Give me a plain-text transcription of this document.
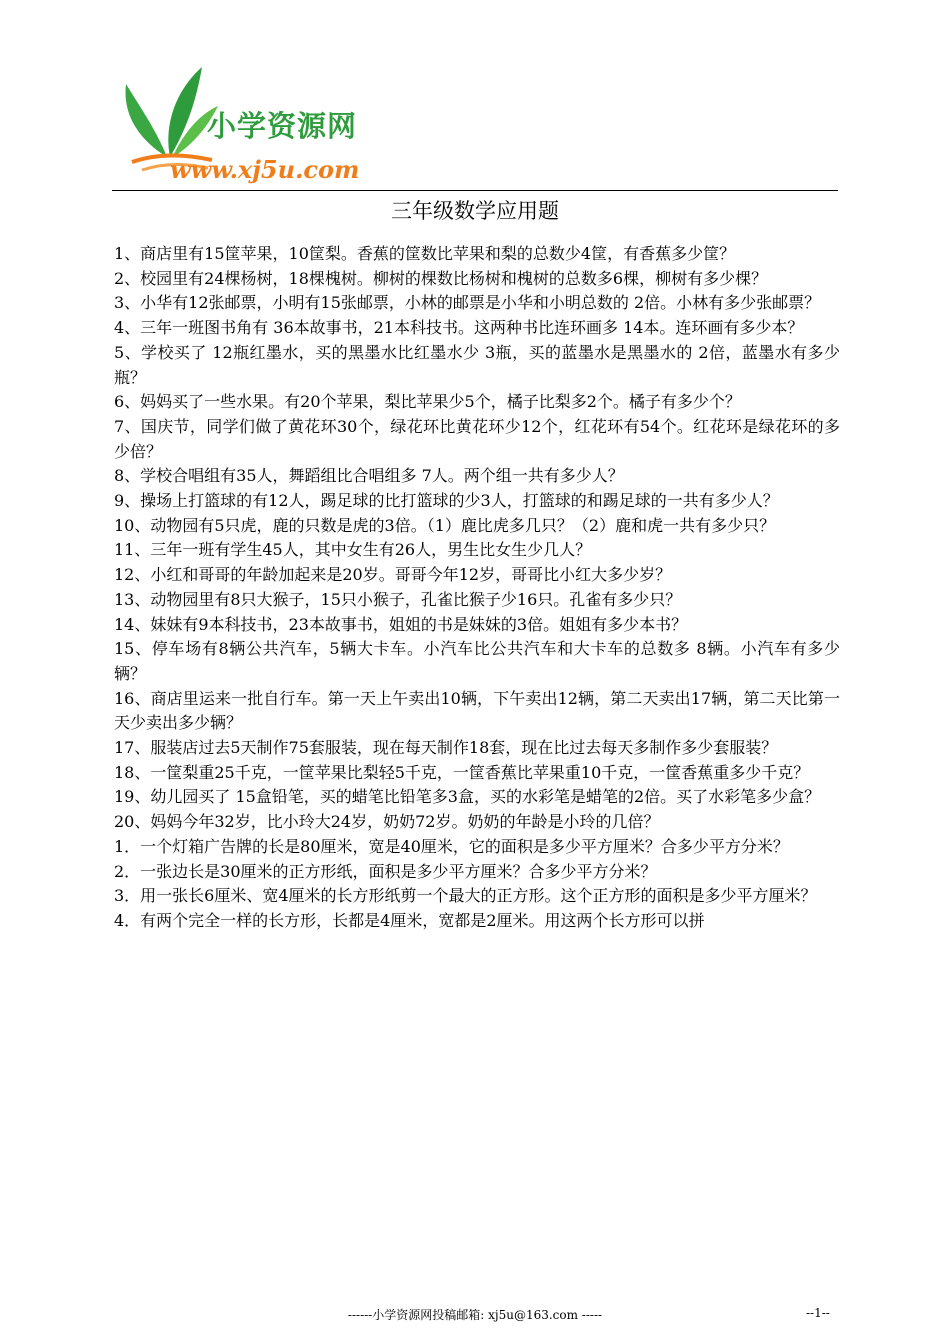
小学资源网
www.xj5u.com
三年级数学应用题

1、商店里有15筐苹果，10筐梨。香蕉的筐数比苹果和梨的总数少4筐，有香蕉多少筐？

2、校园里有24棵杨树，18棵槐树。柳树的棵数比杨树和槐树的总数多6棵，柳树有多少棵？

3、小华有12张邮票，小明有15张邮票，小林的邮票是小华和小明总数的 2倍。小林有多少张邮票？

4、三年一班图书角有 36本故事书，21本科技书。这两种书比连环画多 14本。连环画有多少本？

5、学校买了 12瓶红墨水，买的黑墨水比红墨水少 3瓶，买的蓝墨水是黑墨水的 2倍，蓝墨水有多少瓶？

6、妈妈买了一些水果。有20个苹果，梨比苹果少5个，橘子比梨多2个。橘子有多少个？

7、国庆节，同学们做了黄花环30个，绿花环比黄花环少12个，红花环有54个。红花环是绿花环的多少倍？

8、学校合唱组有35人，舞蹈组比合唱组多 7人。两个组一共有多少人？

9、操场上打篮球的有12人，踢足球的比打篮球的少3人，打篮球的和踢足球的一共有多少人？

10、动物园有5只虎，鹿的只数是虎的3倍。（1）鹿比虎多几只？（2）鹿和虎一共有多少只？

11、三年一班有学生45人，其中女生有26人，男生比女生少几人？

12、小红和哥哥的年龄加起来是20岁。哥哥今年12岁，哥哥比小红大多少岁？

13、动物园里有8只大猴子，15只小猴子，孔雀比猴子少16只。孔雀有多少只？

14、妹妹有9本科技书，23本故事书，姐姐的书是妹妹的3倍。姐姐有多少本书？

15、停车场有8辆公共汽车，5辆大卡车。小汽车比公共汽车和大卡车的总数多 8辆。小汽车有多少辆？

16、商店里运来一批自行车。第一天上午卖出10辆，下午卖出12辆，第二天卖出17辆，第二天比第一天少卖出多少辆？

17、服装店过去5天制作75套服装，现在每天制作18套，现在比过去每天多制作多少套服装？

18、一筐梨重25千克，一筐苹果比梨轻5千克，一筐香蕉比苹果重10千克，一筐香蕉重多少千克？

19、幼儿园买了 15盒铅笔，买的蜡笔比铅笔多3盒，买的水彩笔是蜡笔的2倍。买了水彩笔多少盒？

20、妈妈今年32岁，比小玲大24岁，奶奶72岁。奶奶的年龄是小玲的几倍？

1．一个灯箱广告牌的长是80厘米，宽是40厘米，它的面积是多少平方厘米？合多少平方分米？

2．一张边长是30厘米的正方形纸，面积是多少平方厘米？合多少平方分米？

3．用一张长6厘米、宽4厘米的长方形纸剪一个最大的正方形。这个正方形的面积是多少平方厘米？

4．有两个完全一样的长方形，长都是4厘米，宽都是2厘米。用这两个长方形可以拼

------小学资源网投稿邮箱: xj5u@163.com -----	--1--
